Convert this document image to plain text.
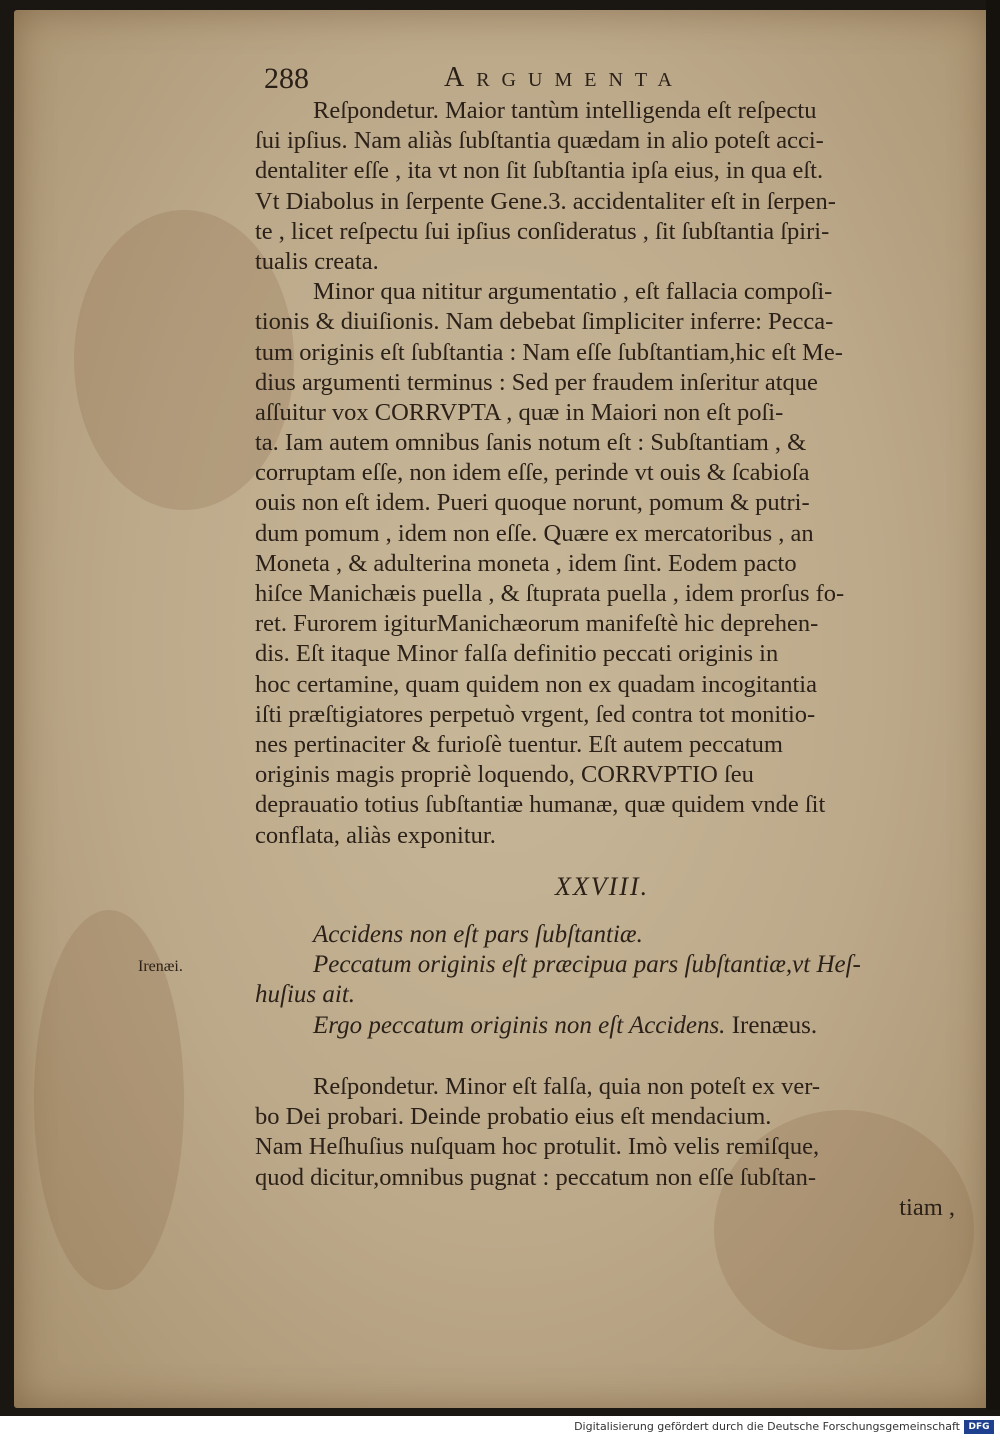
288	Argumenta
Reſpondetur. Maior tantùm intelligenda eſt reſpectu
ſui ipſius. Nam aliàs ſubſtantia quædam in alio poteſt acci-
dentaliter eſſe , ita vt non ſit ſubſtantia ipſa eius, in qua eſt.
Vt Diabolus in ſerpente Gene.3. accidentaliter eſt in ſerpen-
te , licet reſpectu ſui ipſius conſideratus , ſit ſubſtantia ſpiri-
tualis creata.
Minor qua nititur argumentatio , eſt fallacia compoſi-
tionis & diuiſionis. Nam debebat ſimpliciter inferre: Pecca-
tum originis eſt ſubſtantia : Nam eſſe ſubſtantiam,hic eſt Me-
dius argumenti terminus : Sed per fraudem inſeritur atque
aſſuitur vox CORRVPTA , quæ in Maiori non eſt poſi-
ta. Iam autem omnibus ſanis notum eſt : Subſtantiam , &
corruptam eſſe, non idem eſſe, perinde vt ouis & ſcabioſa
ouis non eſt idem. Pueri quoque norunt, pomum & putri-
dum pomum , idem non eſſe. Quære ex mercatoribus , an
Moneta , & adulterina moneta , idem ſint. Eodem pacto
hiſce Manichæis puella , & ſtuprata puella , idem prorſus fo-
ret. Furorem igiturManichæorum manifeſtè hic deprehen-
dis. Eſt itaque Minor falſa definitio peccati originis in
hoc certamine, quam quidem non ex quadam incogitantia
iſti præſtigiatores perpetuò vrgent, ſed contra tot monitio-
nes pertinaciter & furioſè tuentur. Eſt autem peccatum
originis magis propriè loquendo, CORRVPTIO ſeu
deprauatio totius ſubſtantiæ humanæ, quæ quidem vnde ſit
conflata, aliàs exponitur.
XXVIII.
Irenæi.
Accidens non eſt pars ſubſtantiæ.
Peccatum originis eſt præcipua pars ſubſtantiæ,vt Heſ-
huſius ait.
Ergo peccatum originis non eſt Accidens. Irenæus.
Reſpondetur. Minor eſt falſa, quia non poteſt ex ver-
bo Dei probari. Deinde probatio eius eſt mendacium.
Nam Heſhuſius nuſquam hoc protulit. Imò velis remiſque,
quod dicitur,omnibus pugnat : peccatum non eſſe ſubſtan-
tiam ,
Digitalisierung gefördert durch die Deutsche Forschungsgemeinschaft DFG
